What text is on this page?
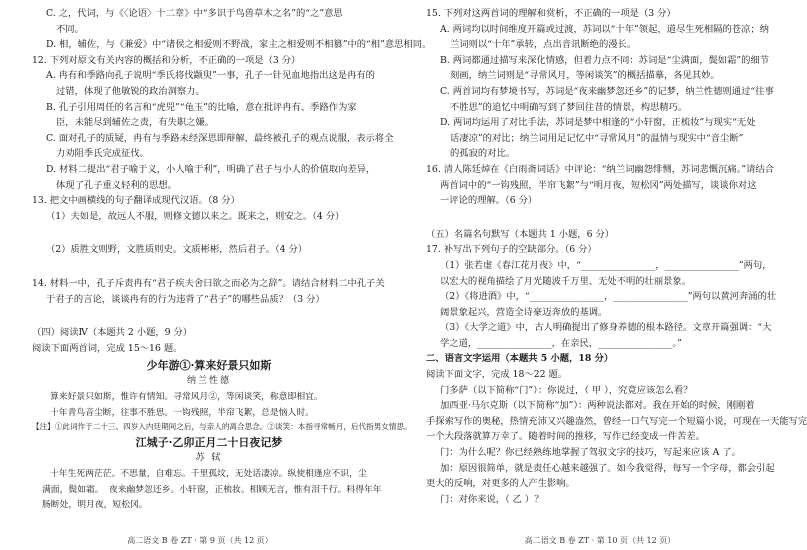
C. 之，代词，与《〈论语〉十二章》中“多识于鸟兽草木之名”的“之”意思

不同。

D. 相，辅佐，与《兼爱》中“诸侯之相爱则不野战，家主之相爱则不相篡”中的“相”意思相同。

12. 下列对原文有关内容的概括和分析，不正确的一项是（3 分）

A. 冉有和季路向孔子说明“季氏将伐颛臾”一事，孔子一针见血地指出这是冉有的

过错，体现了他敏锐的政治洞察力。

B. 孔子引用周任的名言和“虎兕”“龟玉”的比喻，意在批评冉有、季路作为家

臣，未能尽到辅佐之责，有失职之嫌。

C. 面对孔子的质疑，冉有与季路未经深思即辩解，最终被孔子的观点说服，表示将全

力劝阻季氏完成征伐。

D. 材料二提出“君子喻于义，小人喻于利”，明确了君子与小人的价值取向差异，

体现了孔子重义轻利的思想。

13. 把文中画横线的句子翻译成现代汉语。（8 分）

（1）夫如是，故远人不服，则修文德以来之。既来之，则安之。（4 分）

（2）质胜文则野，文胜质则史。文质彬彬，然后君子。（4 分）

14. 材料一中，孔子斥责冉有“君子疾夫舍曰欲之而必为之辞”。请结合材料二中孔子关

于君子的言论，谈谈冉有的行为违背了“君子”的哪些品质？（3 分）

（四）阅读Ⅳ（本题共 2 小题，9 分）

阅读下面两首词，完成 15～16 题。

少年游①·算来好景只如斯
纳兰性德

算来好景只如斯，惟许有情知。寻常风月②，等闲谈笑，称意即相宜。

十年青鸟音尘断，往事不胜思。一钩残照，半帘飞絮，总是恼人时。

【注】①此词作于二十三、四岁入内廷期间之后，与亲人的离合思念。②谈笑：本指寻常畅月，后代指男女情思。

江城子·乙卯正月二十日夜记梦
苏 轼

十年生死两茫茫。不思量，自难忘。千里孤坟，无处话凄凉。纵使相逢应不识，尘

满面，鬓如霜。 夜来幽梦忽还乡。小轩窗，正梳妆。相顾无言，惟有泪千行。料得年年

肠断处，明月夜，短松冈。

高二语文 B 卷 ZT · 第 9 页（共 12 页）

15. 下列对这两首词的理解和赏析，不正确的一项是（3 分）

A. 两词均以时间维度开篇或过渡，苏词以“十年”领起，道尽生死相隔的苍凉；纳

兰词则以“十年”承转，点出音讯断绝的漫长。

B. 两词都通过描写来深化情感，但着力点不同：苏词是“尘满面，鬓如霜”的细节

刻画，纳兰词则是“寻常风月，等闲谈笑”的概括描摹，各见其妙。

C. 两首词均有梦境书写，苏词是“夜来幽梦忽还乡”的记梦，纳兰性德则通过“往事

不胜思”的追忆中明确写到了梦回往昔的情景，构思精巧。

D. 两词均运用了对比手法，苏词是梦中相逢的“小轩窗，正梳妆”与现实“无处

话凄凉”的对比；纳兰词用足记忆中“寻常风月”的温情与现实中“音尘断”

的孤寂的对比。

16. 清人陈廷焯在《白雨斋词话》中评论：“纳兰词幽怨悱恻，苏词悲慨沉痛。”请结合

两首词中的“一钩残照，半帘飞絮”与“明月夜，短松冈”两处描写，谈谈你对这

一评论的理解。（6 分）

（五）名篇名句默写（本题共 1 小题，6 分）

17. 补写出下列句子的空缺部分。（6 分）

（1）张若虚《春江花月夜》中，“________________，________________”两句，

以宏大的视角描绘了月光随波千万里、无处不明的壮丽景象。

（2）《将进酒》中，“________________，________________”两句以黄河奔涌的壮

阔景象起兴，营造全诗豪迈奔放的基调。

（3）《大学之道》中，古人明确提出了修身养德的根本路径。文章开篇强调：“大

学之道，________________，在亲民，________________。”

二、语言文字运用（本题共 5 小题，18 分）

阅读下面文字，完成 18～22 题。

门多萨（以下简称“门”）：你说过，（ 甲 ），究竟应该怎么看？

加西亚·马尔克斯（以下简称“加”）：两种说法都对。我在开始的时候，刚刚着

手探索写作的奥秘，热情充沛又兴趣盎然，曾经一口气写完一个短篇小说，可现在一天能写完

一个大段落就算万幸了。随着时间的推移，写作已经变成一件苦差。

门：为什么呢？你已经熟练地掌握了驾驭文字的技巧，写起来应该 A 了。

加：原因很简单，就是责任心越来越强了。如今我觉得，每写一个字母，都会引起

更大的反响，对更多的人产生影响。

门：对你来说，（ 乙 ）？

高二语文 B 卷 ZT · 第 10 页（共 12 页）
